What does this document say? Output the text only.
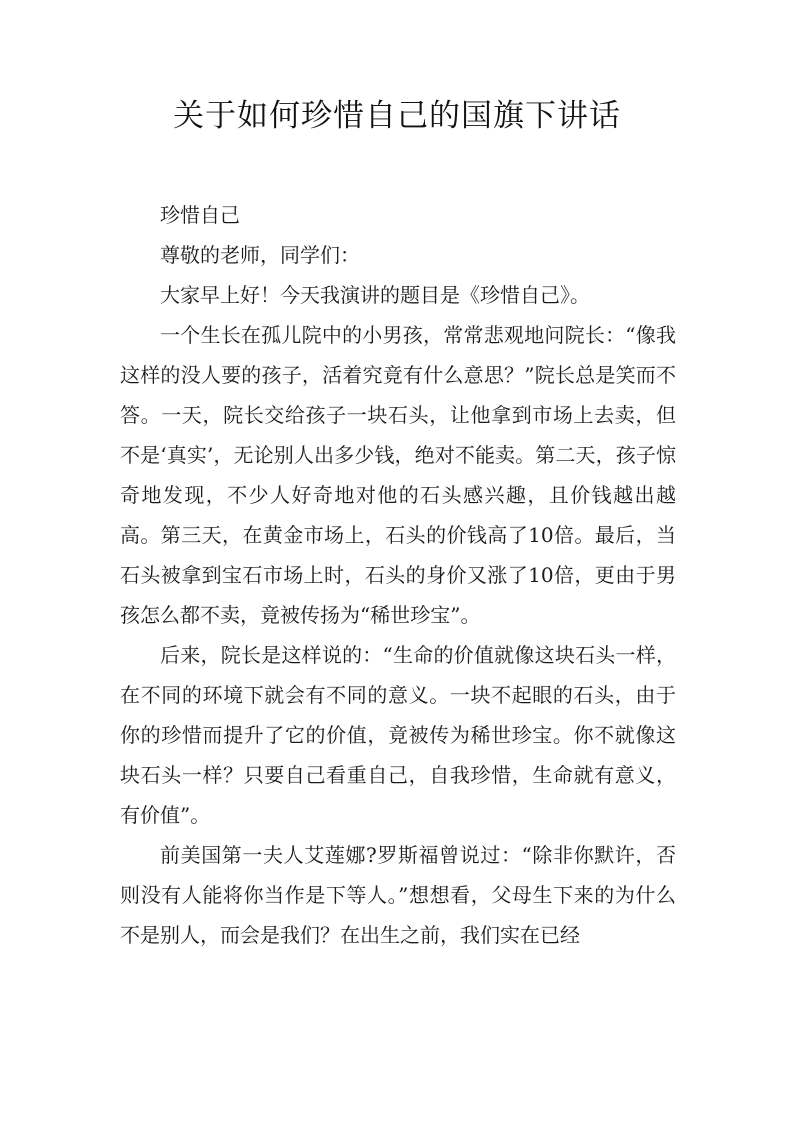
关于如何珍惜自己的国旗下讲话

珍惜自己

尊敬的老师，同学们：

大家早上好！今天我演讲的题目是《珍惜自己》。

一个生长在孤儿院中的小男孩，常常悲观地问院长：“像我这样的没人要的孩子，活着究竟有什么意思？”院长总是笑而不答。一天，院长交给孩子一块石头，让他拿到市场上去卖，但不是‘真实’，无论别人出多少钱，绝对不能卖。第二天，孩子惊奇地发现，不少人好奇地对他的石头感兴趣，且价钱越出越高。第三天，在黄金市场上，石头的价钱高了10倍。最后，当石头被拿到宝石市场上时，石头的身价又涨了10倍，更由于男孩怎么都不卖，竟被传扬为“稀世珍宝”。

后来，院长是这样说的：“生命的价值就像这块石头一样，在不同的环境下就会有不同的意义。一块不起眼的石头，由于你的珍惜而提升了它的价值，竟被传为稀世珍宝。你不就像这块石头一样？只要自己看重自己，自我珍惜，生命就有意义，有价值”。

前美国第一夫人艾莲娜?罗斯福曾说过：“除非你默许，否则没有人能将你当作是下等人。”想想看，父母生下来的为什么不是别人，而会是我们？在出生之前，我们实在已经
